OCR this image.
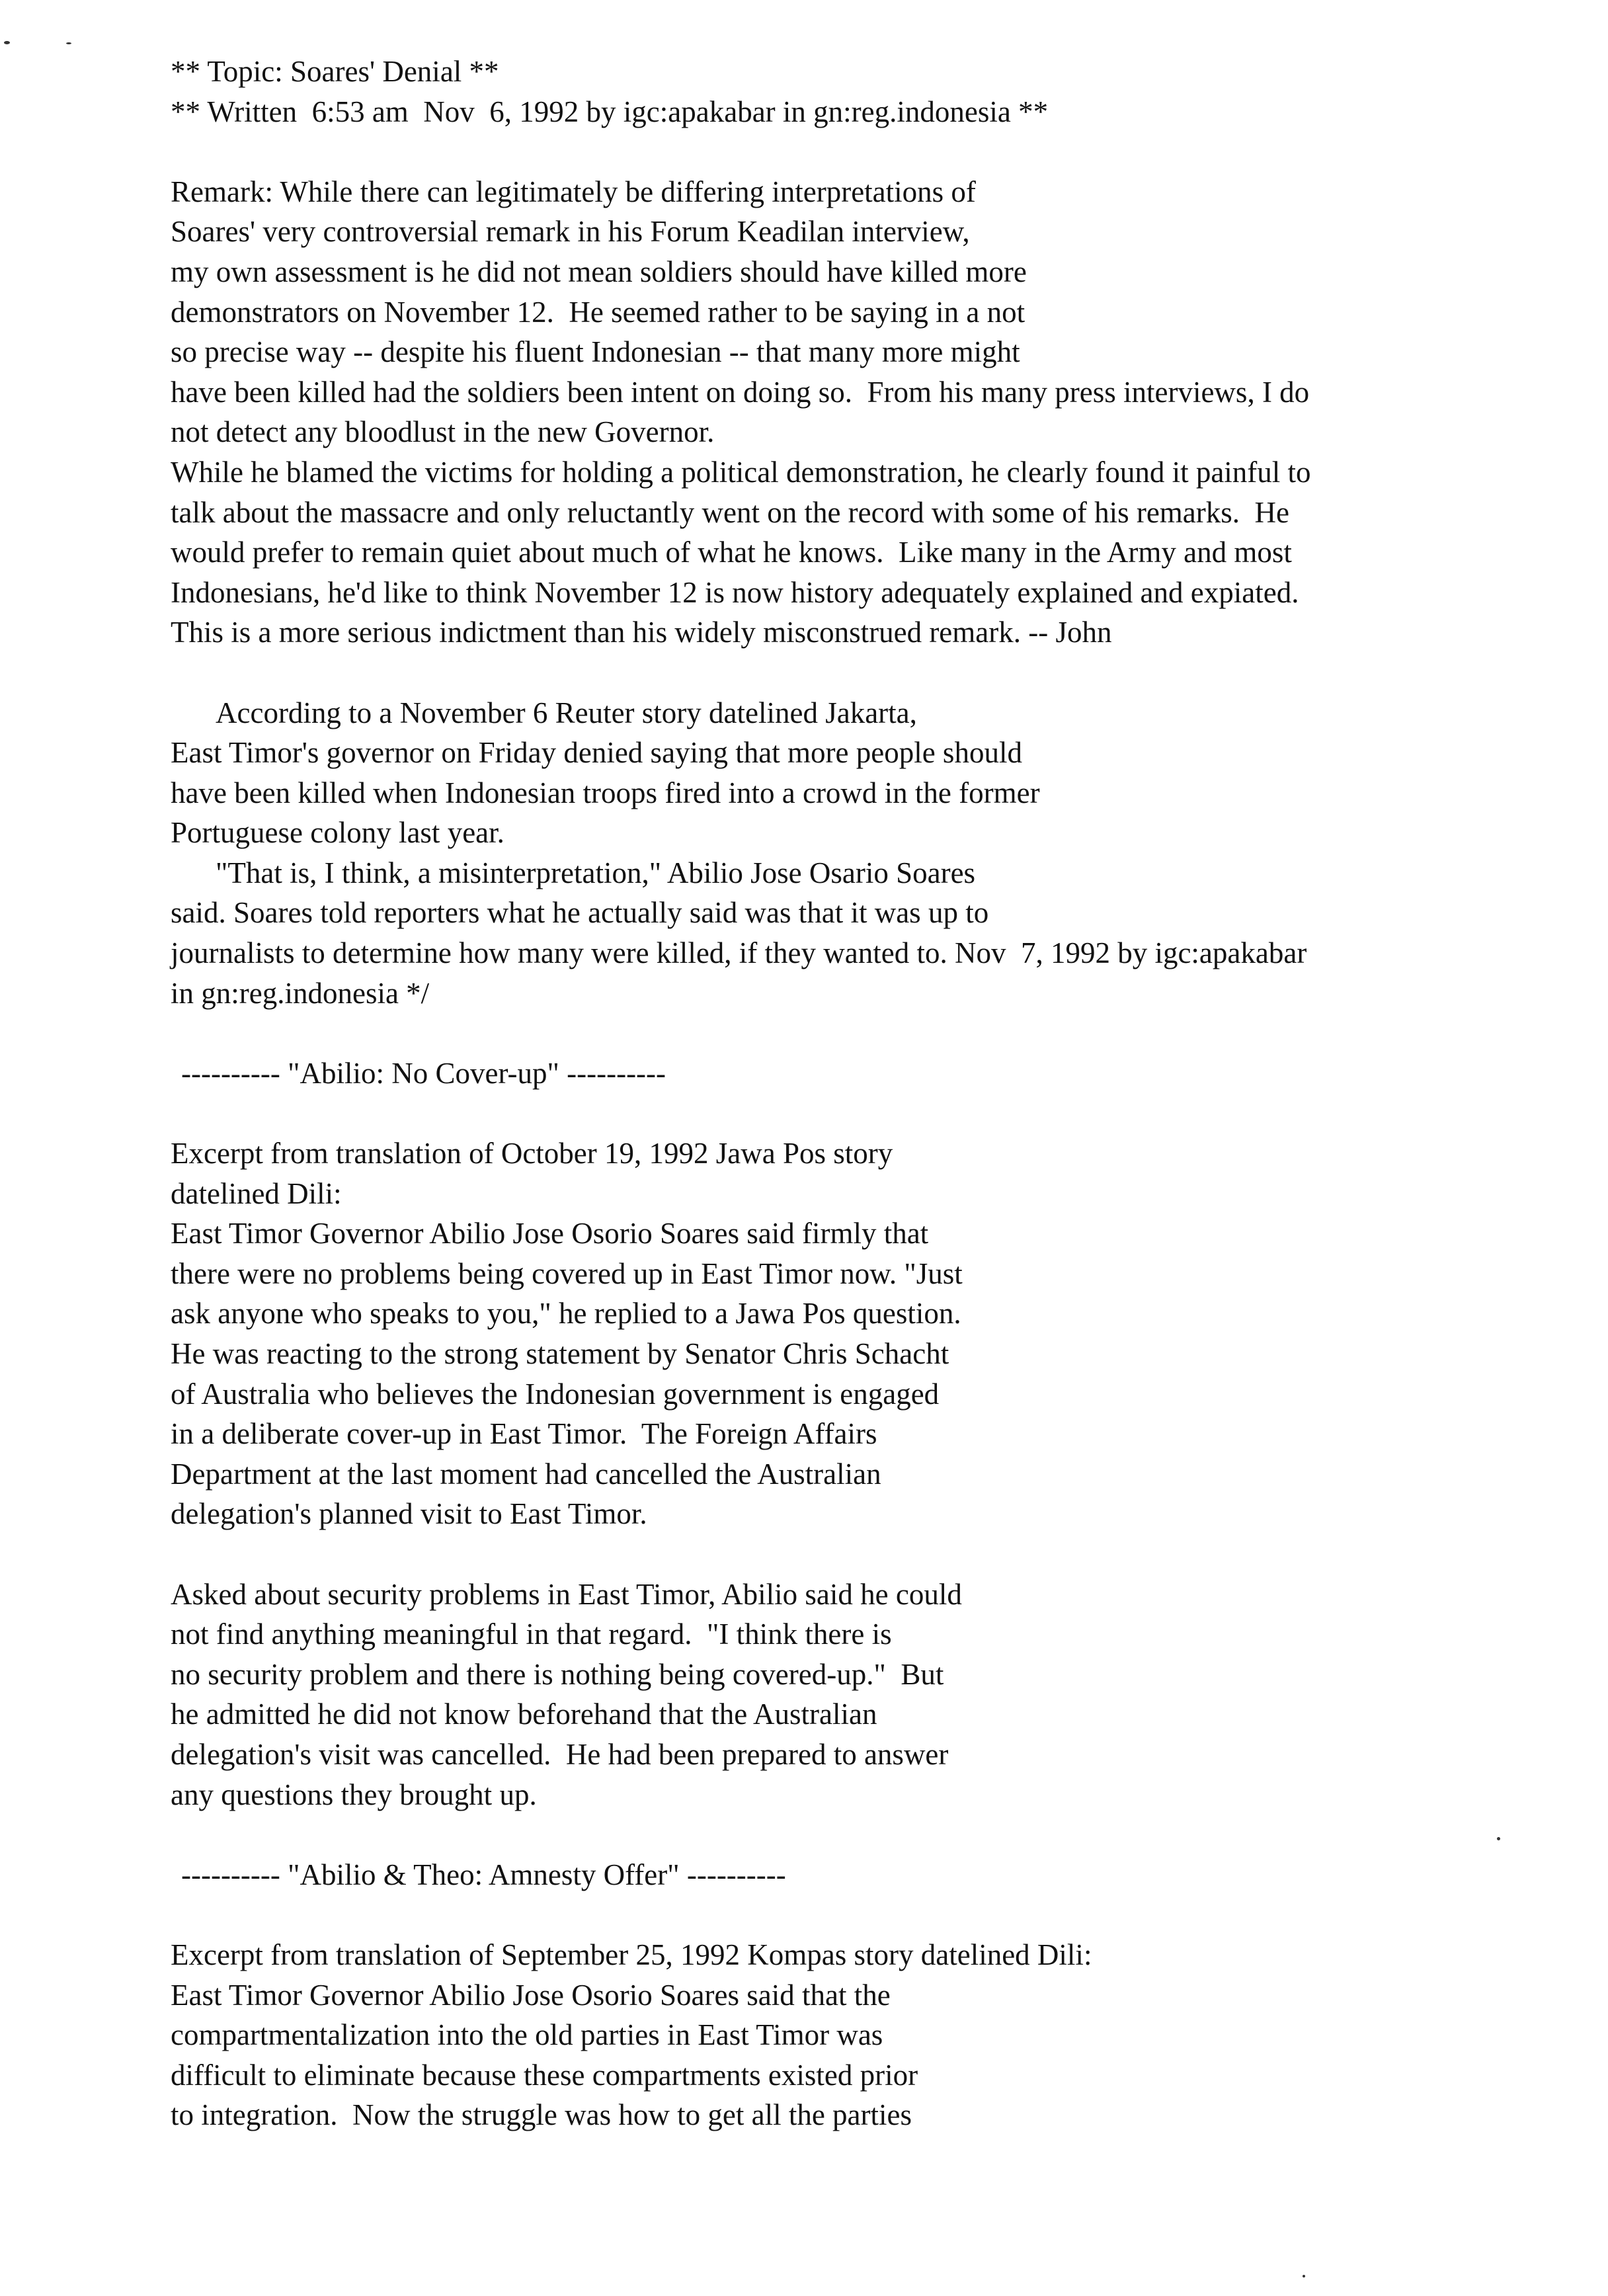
** Topic: Soares' Denial **
** Written  6:53 am  Nov  6, 1992 by igc:apakabar in gn:reg.indonesia **
Remark: While there can legitimately be differing interpretations of
Soares' very controversial remark in his Forum Keadilan interview,
my own assessment is he did not mean soldiers should have killed more
demonstrators on November 12.  He seemed rather to be saying in a not
so precise way -- despite his fluent Indonesian -- that many more might
have been killed had the soldiers been intent on doing so.  From his many press interviews, I do
not detect any bloodlust in the new Governor.
While he blamed the victims for holding a political demonstration, he clearly found it painful to
talk about the massacre and only reluctantly went on the record with some of his remarks.  He
would prefer to remain quiet about much of what he knows.  Like many in the Army and most
Indonesians, he'd like to think November 12 is now history adequately explained and expiated.
This is a more serious indictment than his widely misconstrued remark. -- John
According to a November 6 Reuter story datelined Jakarta,
East Timor's governor on Friday denied saying that more people should
have been killed when Indonesian troops fired into a crowd in the former
Portuguese colony last year.
"That is, I think, a misinterpretation," Abilio Jose Osario Soares
said. Soares told reporters what he actually said was that it was up to
journalists to determine how many were killed, if they wanted to. Nov  7, 1992 by igc:apakabar
in gn:reg.indonesia */
---------- "Abilio: No Cover-up" ----------
Excerpt from translation of October 19, 1992 Jawa Pos story
datelined Dili:
East Timor Governor Abilio Jose Osorio Soares said firmly that
there were no problems being covered up in East Timor now. "Just
ask anyone who speaks to you," he replied to a Jawa Pos question.
He was reacting to the strong statement by Senator Chris Schacht
of Australia who believes the Indonesian government is engaged
in a deliberate cover-up in East Timor.  The Foreign Affairs
Department at the last moment had cancelled the Australian
delegation's planned visit to East Timor.
Asked about security problems in East Timor, Abilio said he could
not find anything meaningful in that regard.  "I think there is
no security problem and there is nothing being covered-up."  But
he admitted he did not know beforehand that the Australian
delegation's visit was cancelled.  He had been prepared to answer
any questions they brought up.
---------- "Abilio & Theo: Amnesty Offer" ----------
Excerpt from translation of September 25, 1992 Kompas story datelined Dili:
East Timor Governor Abilio Jose Osorio Soares said that the
compartmentalization into the old parties in East Timor was
difficult to eliminate because these compartments existed prior
to integration.  Now the struggle was how to get all the parties
